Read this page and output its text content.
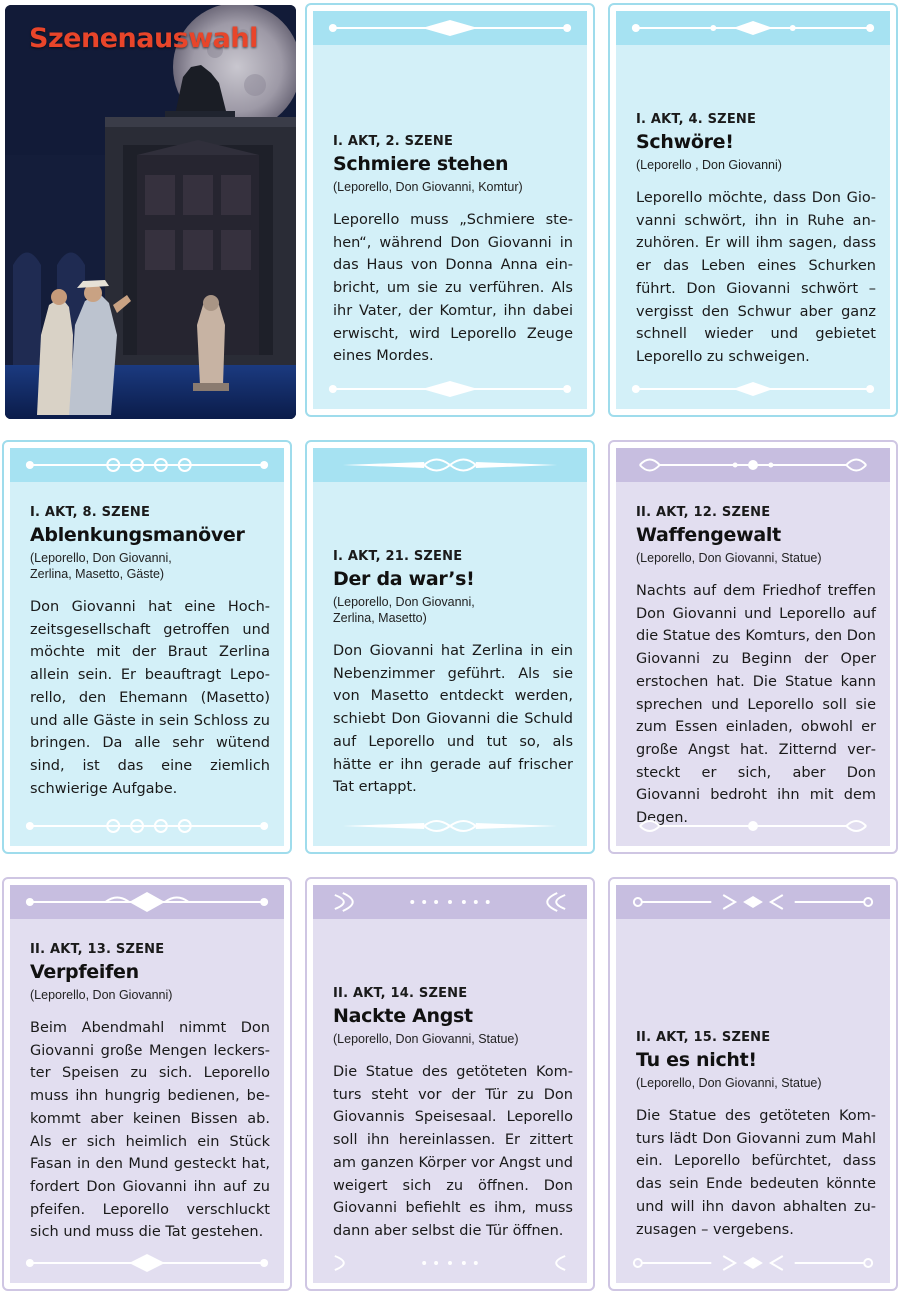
Szenenauswahl
I. AKT, 2. SZENE
Schmiere stehen
(Leporello, Don Giovanni, Komtur)
Leporello muss „Schmiere stehen“, während Don Giovanni in das Haus von Donna Anna einbricht, um sie zu verführen. Als ihr Vater, der Komtur, ihn dabei erwischt, wird Leporello Zeuge eines Mordes.
I. AKT, 4. SZENE
Schwöre!
(Leporello , Don Giovanni)
Leporello möchte, dass Don Giovanni schwört, ihn in Ruhe anzuhören. Er will ihm sagen, dass er das Leben eines Schurken führt. Don Giovanni schwört – vergisst den Schwur aber ganz schnell wieder und gebietet Leporello zu schweigen.
I. AKT, 8. SZENE
Ablenkungsmanöver
(Leporello, Don Giovanni,
Zerlina, Masetto, Gäste)
Don Giovanni hat eine Hochzeitsgesellschaft getroffen und möchte mit der Braut Zerlina allein sein. Er beauftragt Leporello, den Ehemann (Masetto) und alle Gäste in sein Schloss zu bringen. Da alle sehr wütend sind, ist das eine ziemlich schwierige Aufgabe.
I. AKT, 21. SZENE
Der da war’s!
(Leporello, Don Giovanni,
Zerlina, Masetto)
Don Giovanni hat Zerlina in ein Nebenzimmer geführt. Als sie von Masetto entdeckt werden, schiebt Don Giovanni die Schuld auf Leporello und tut so, als hätte er ihn gerade auf frischer Tat ertappt.
II. AKT, 12. SZENE
Waffengewalt
(Leporello, Don Giovanni, Statue)
Nachts auf dem Friedhof treffen Don Giovanni und Leporello auf die Statue des Komturs, den Don Giovanni zu Beginn der Oper erstochen hat. Die Statue kann sprechen und Leporello soll sie zum Essen einladen, obwohl er große Angst hat. Zitternd versteckt er sich, aber Don Giovanni bedroht ihn mit dem Degen.
II. AKT, 13. SZENE
Verpfeifen
(Leporello, Don Giovanni)
Beim Abendmahl nimmt Don Giovanni große Mengen leckerster Speisen zu sich. Leporello muss ihn hungrig bedienen, bekommt aber keinen Bissen ab. Als er sich heimlich ein Stück Fasan in den Mund gesteckt hat, fordert Don Giovanni ihn auf zu pfeifen. Leporello verschluckt sich und muss die Tat gestehen.
II. AKT, 14. SZENE
Nackte Angst
(Leporello, Don Giovanni, Statue)
Die Statue des getöteten Komturs steht vor der Tür zu Don Giovannis Speisesaal. Leporello soll ihn hereinlassen. Er zittert am ganzen Körper vor Angst und weigert sich zu öffnen. Don Giovanni befiehlt es ihm, muss dann aber selbst die Tür öffnen.
II. AKT, 15. SZENE
Tu es nicht!
(Leporello, Don Giovanni, Statue)
Die Statue des getöteten Komturs lädt Don Giovanni zum Mahl ein. Leporello befürchtet, dass das sein Ende bedeuten könnte und will ihn davon abhalten zuzusagen – vergebens.
